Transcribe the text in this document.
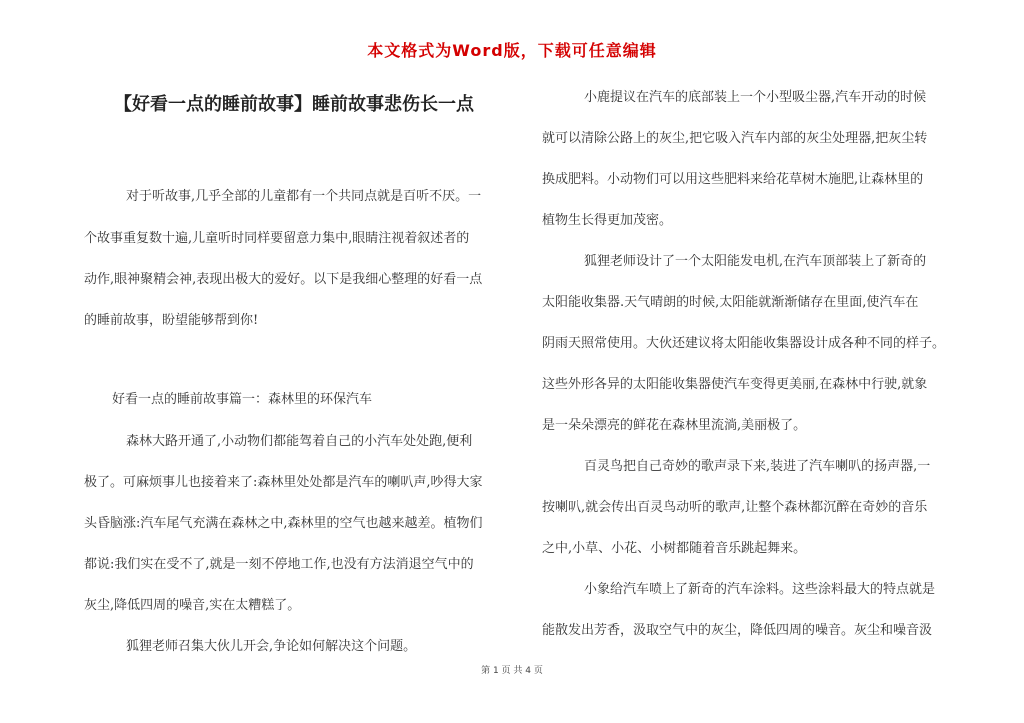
本文格式为Word版，下载可任意编辑
【好看一点的睡前故事】睡前故事悲伤长一点

对于听故事,几乎全部的儿童都有一个共同点就是百听不厌。一

个故事重复数十遍,儿童听时同样要留意力集中,眼睛注视着叙述者的

动作,眼神聚精会神,表现出极大的爱好。以下是我细心整理的好看一点

的睡前故事，盼望能够帮到你!

好看一点的睡前故事篇一：森林里的环保汽车

森林大路开通了,小动物们都能驾着自己的小汽车处处跑,便利

极了。可麻烦事儿也接着来了:森林里处处都是汽车的喇叭声,吵得大家

头昏脑涨:汽车尾气充满在森林之中,森林里的空气也越来越差。植物们

都说:我们实在受不了,就是一刻不停地工作,也没有方法消退空气中的

灰尘,降低四周的噪音,实在太糟糕了。

狐狸老师召集大伙儿开会,争论如何解决这个问题。

小鹿提议在汽车的底部装上一个小型吸尘器,汽车开动的时候

就可以清除公路上的灰尘,把它吸入汽车内部的灰尘处理器,把灰尘转

换成肥料。小动物们可以用这些肥料来给花草树木施肥,让森林里的

植物生长得更加茂密。

狐狸老师设计了一个太阳能发电机,在汽车顶部装上了新奇的

太阳能收集器.天气晴朗的时候,太阳能就渐渐储存在里面,使汽车在

阴雨天照常使用。大伙还建议将太阳能收集器设计成各种不同的样子。

这些外形各异的太阳能收集器使汽车变得更美丽,在森林中行驶,就象

是一朵朵漂亮的鲜花在森林里流淌,美丽极了。

百灵鸟把自己奇妙的歌声录下来,装进了汽车喇叭的扬声器,一

按喇叭,就会传出百灵鸟动听的歌声,让整个森林都沉醉在奇妙的音乐

之中,小草、小花、小树都随着音乐跳起舞来。

小象给汽车喷上了新奇的汽车涂料。这些涂料最大的特点就是

能散发出芳香，汲取空气中的灰尘，降低四周的噪音。灰尘和噪音汲

第 1 页 共 4 页
